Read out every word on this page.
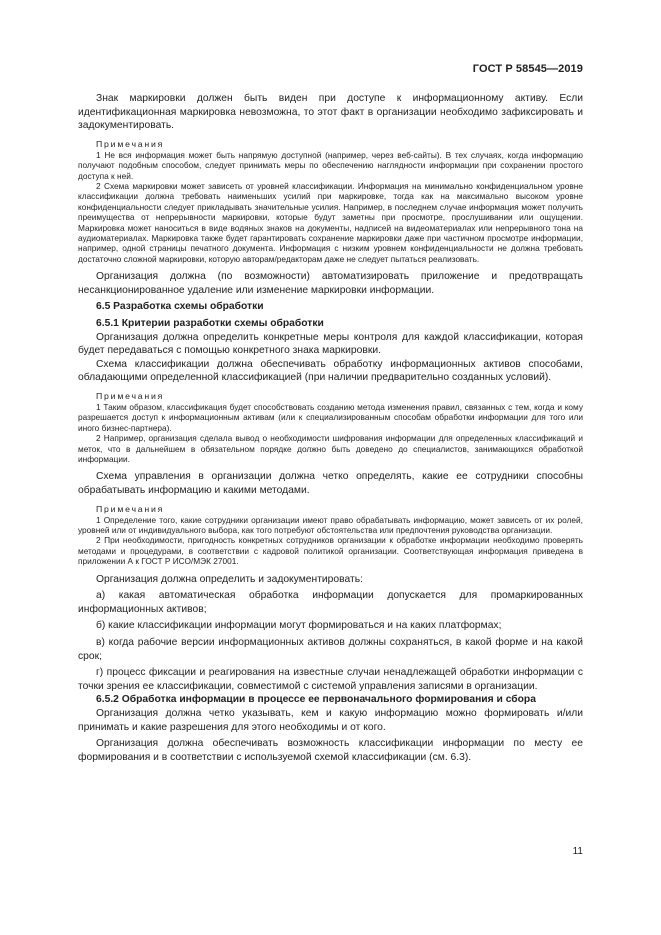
ГОСТ Р 58545—2019

Знак маркировки должен быть виден при доступе к информационному активу. Если идентификационная маркировка невозможна, то этот факт в организации необходимо зафиксировать и задокументировать.

Примечания

1 Не вся информация может быть напрямую доступной (например, через веб-сайты). В тех случаях, когда информацию получают подобным способом, следует принимать меры по обеспечению наглядности информации при сохранении простого доступа к ней.

2 Схема маркировки может зависеть от уровней классификации. Информация на минимально конфиденциальном уровне классификации должна требовать наименьших усилий при маркировке, тогда как на максимально высоком уровне конфиденциальности следует прикладывать значительные усилия. Например, в последнем случае информация может получить преимущества от непрерывности маркировки, которые будут заметны при просмотре, прослушивании или ощущении. Маркировка может наноситься в виде водяных знаков на документы, надписей на видеоматериалах или непрерывного тона на аудиоматериалах. Маркировка также будет гарантировать сохранение маркировки даже при частичном просмотре информации, например, одной страницы печатного документа. Информация с низким уровнем конфиденциальности не должна требовать достаточно сложной маркировки, которую авторам/редакторам даже не следует пытаться реализовать.

Организация должна (по возможности) автоматизировать приложение и предотвращать несанкционированное удаление или изменение маркировки информации.

6.5 Разработка схемы обработки

6.5.1 Критерии разработки схемы обработки

Организация должна определить конкретные меры контроля для каждой классификации, которая будет передаваться с помощью конкретного знака маркировки.

Схема классификации должна обеспечивать обработку информационных активов способами, обладающими определенной классификацией (при наличии предварительно созданных условий).

Примечания

1 Таким образом, классификация будет способствовать созданию метода изменения правил, связанных с тем, когда и кому разрешается доступ к информационным активам (или к специализированным способам обработки информации для того или иного бизнес-партнера).

2 Например, организация сделала вывод о необходимости шифрования информации для определенных классификаций и меток, что в дальнейшем в обязательном порядке должно быть доведено до специалистов, занимающихся обработкой информации.

Схема управления в организации должна четко определять, какие ее сотрудники способны обрабатывать информацию и какими методами.

Примечания

1 Определение того, какие сотрудники организации имеют право обрабатывать информацию, может зависеть от их ролей, уровней или от индивидуального выбора, как того потребуют обстоятельства или предпочтения руководства организации.

2 При необходимости, пригодность конкретных сотрудников организации к обработке информации необходимо проверять методами и процедурами, в соответствии с кадровой политикой организации. Соответствующая информация приведена в приложении А к ГОСТ Р ИСО/МЭК 27001.

Организация должна определить и задокументировать:

а) какая автоматическая обработка информации допускается для промаркированных информационных активов;

б) какие классификации информации могут формироваться и на каких платформах;

в) когда рабочие версии информационных активов должны сохраняться, в какой форме и на какой срок;

г) процесс фиксации и реагирования на известные случаи ненадлежащей обработки информации с точки зрения ее классификации, совместимой с системой управления записями в организации.

6.5.2 Обработка информации в процессе ее первоначального формирования и сбора

Организация должна четко указывать, кем и какую информацию можно формировать и/или принимать и какие разрешения для этого необходимы и от кого.

Организация должна обеспечивать возможность классификации информации по месту ее формирования и в соответствии с используемой схемой классификации (см. 6.3).

11
